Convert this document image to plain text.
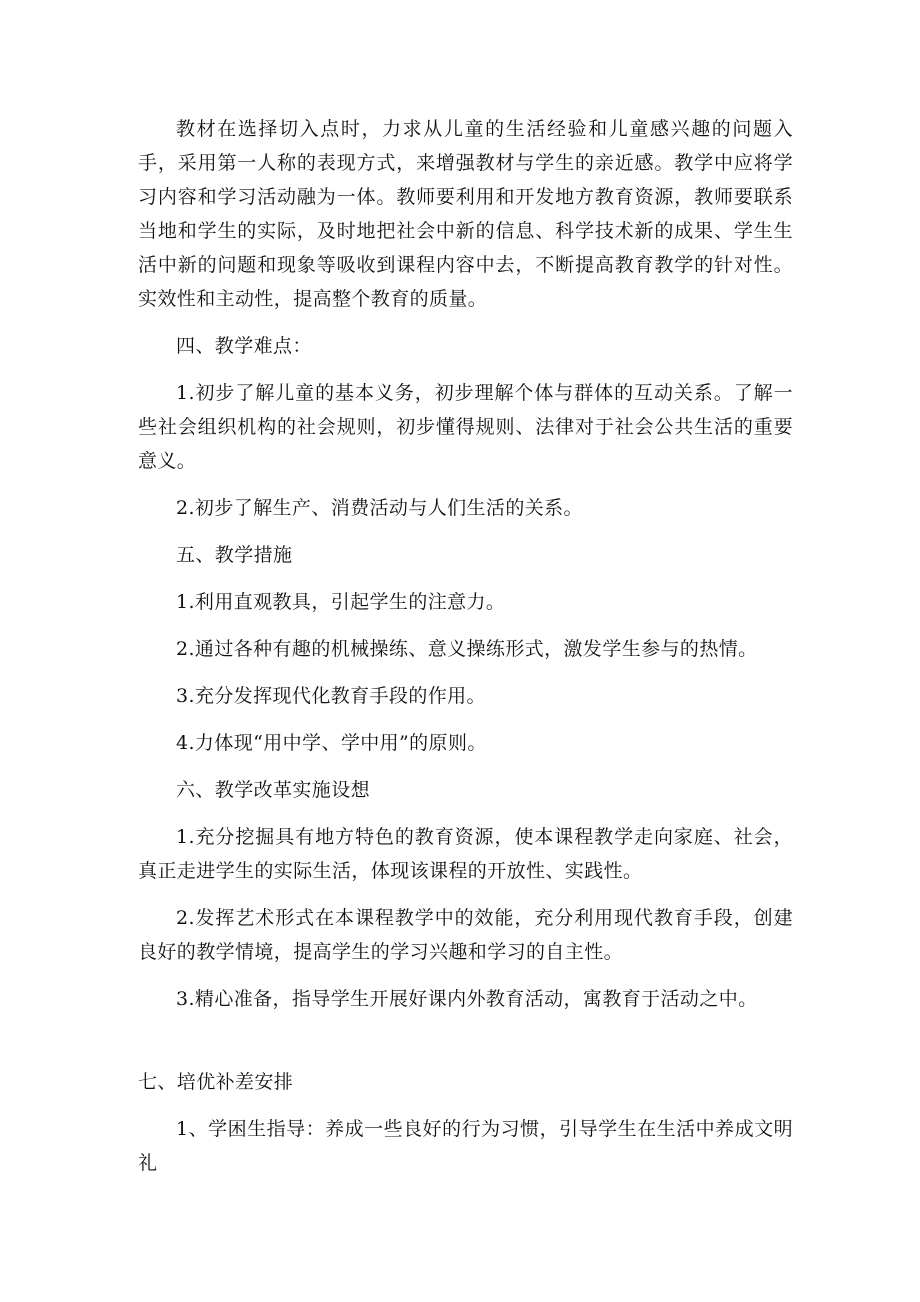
教材在选择切入点时，力求从儿童的生活经验和儿童感兴趣的问题入手，采用第一人称的表现方式，来增强教材与学生的亲近感。教学中应将学习内容和学习活动融为一体。教师要利用和开发地方教育资源，教师要联系当地和学生的实际，及时地把社会中新的信息、科学技术新的成果、学生生活中新的问题和现象等吸收到课程内容中去，不断提高教育教学的针对性。实效性和主动性，提高整个教育的质量。

四、教学难点：

1.初步了解儿童的基本义务，初步理解个体与群体的互动关系。了解一些社会组织机构的社会规则，初步懂得规则、法律对于社会公共生活的重要意义。

2.初步了解生产、消费活动与人们生活的关系。

五、教学措施

1.利用直观教具，引起学生的注意力。

2.通过各种有趣的机械操练、意义操练形式，激发学生参与的热情。

3.充分发挥现代化教育手段的作用。

4.力体现“用中学、学中用”的原则。

六、教学改革实施设想

1.充分挖掘具有地方特色的教育资源，使本课程教学走向家庭、社会，真正走进学生的实际生活，体现该课程的开放性、实践性。

2.发挥艺术形式在本课程教学中的效能，充分利用现代教育手段，创建良好的教学情境，提高学生的学习兴趣和学习的自主性。

3.精心准备，指导学生开展好课内外教育活动，寓教育于活动之中。

七、培优补差安排

1、学困生指导：养成一些良好的行为习惯，引导学生在生活中养成文明礼
